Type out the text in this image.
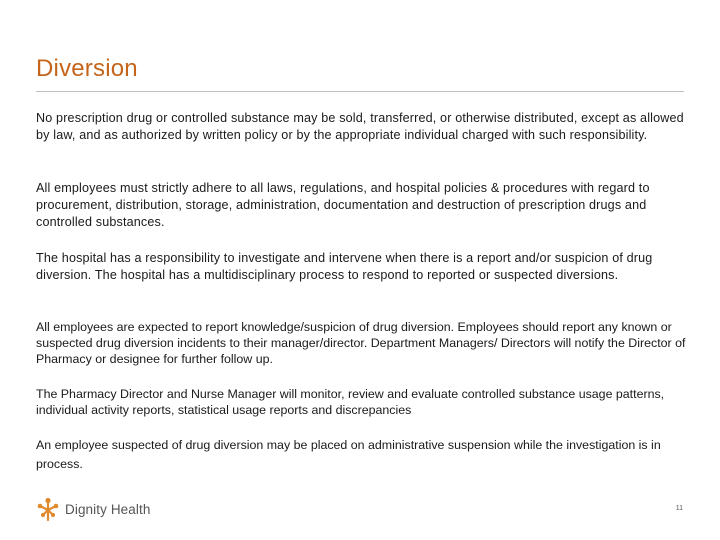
Diversion

No prescription drug or controlled substance may be sold, transferred, or otherwise distributed, except as allowed by law, and as authorized by written policy or by the appropriate individual charged with such responsibility.

All employees must strictly adhere to all laws, regulations, and hospital policies & procedures with regard to procurement, distribution, storage, administration, documentation and destruction of prescription drugs and controlled substances.

The hospital has a responsibility to investigate and intervene when there is a report and/or suspicion of drug diversion. The hospital has a multidisciplinary process to respond to reported or suspected diversions.

All employees are expected to report knowledge/suspicion of drug diversion. Employees should report any known or suspected drug diversion incidents to their manager/director. Department Managers/ Directors will notify the Director of Pharmacy or designee for further follow up.

The Pharmacy Director and Nurse Manager will monitor, review and evaluate controlled substance usage patterns, individual activity reports, statistical usage reports and discrepancies

An employee suspected of drug diversion may be placed on administrative suspension while the investigation is in process.

Dignity Health	11
